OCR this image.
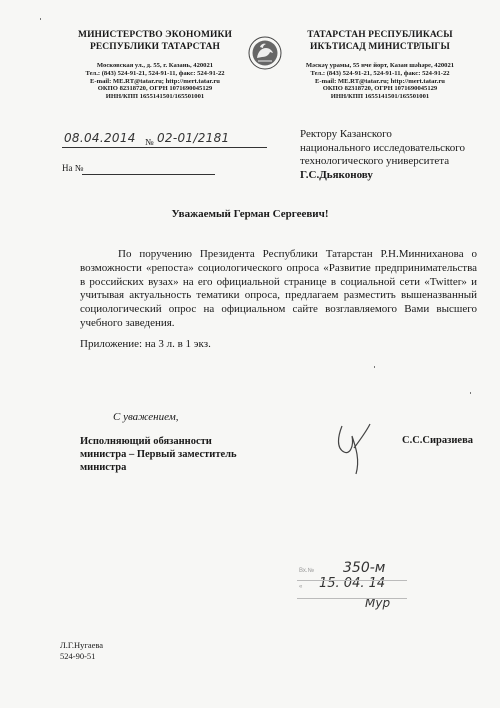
МИНИСТЕРСТВО ЭКОНОМИКИ
РЕСПУБЛИКИ ТАТАРСТАН
Московская ул., д. 55, г. Казань, 420021
Тел.: (843) 524-91-21, 524-91-11, факс: 524-91-22
E-mail: ME.RT@tatar.ru; http://mert.tatar.ru
ОКПО 82318720, ОГРН 1071690045129
ИНН/КПП 1655141501/165501001
ТАТАРСТАН РЕСПУБЛИКАСЫ
ИКЪТИСАД МИНИСТРЛЫГЫ
Мәскәү урамы, 55 нче йорт, Казан шәһәре, 420021
Тел.: (843) 524-91-21, 524-91-11, факс: 524-91-22
E-mail: ME.RT@tatar.ru; http://mert.tatar.ru
ОКПО 82318720, ОГРН 1071690045129
ИНН/КПП 1655141501/165501001
08.04.2014 № 02-01/2181
На №
Ректору Казанского
национального исследовательского
технологического университета
Г.С.Дьяконову
Уважаемый Герман Сергеевич!
По поручению Президента Республики Татарстан Р.Н.Минниханова о возможности «репоста» социологического опроса «Развитие предпринимательства в российских вузах» на его официальной странице в социальной сети «Twitter» и учитывая актуальность тематики опроса, предлагаем разместить вышеназванный социологический опрос на официальном сайте возглавляемого Вами высшего учебного заведения.
Приложение: на 3 л. в 1 экз.
С уважением,
Исполняющий обязанности
министра – Первый заместитель
министра
С.С.Сиразиева
Вх.№
«
350-м
15. 04. 14
Мур
Л.Г.Нугаева
524-90-51
